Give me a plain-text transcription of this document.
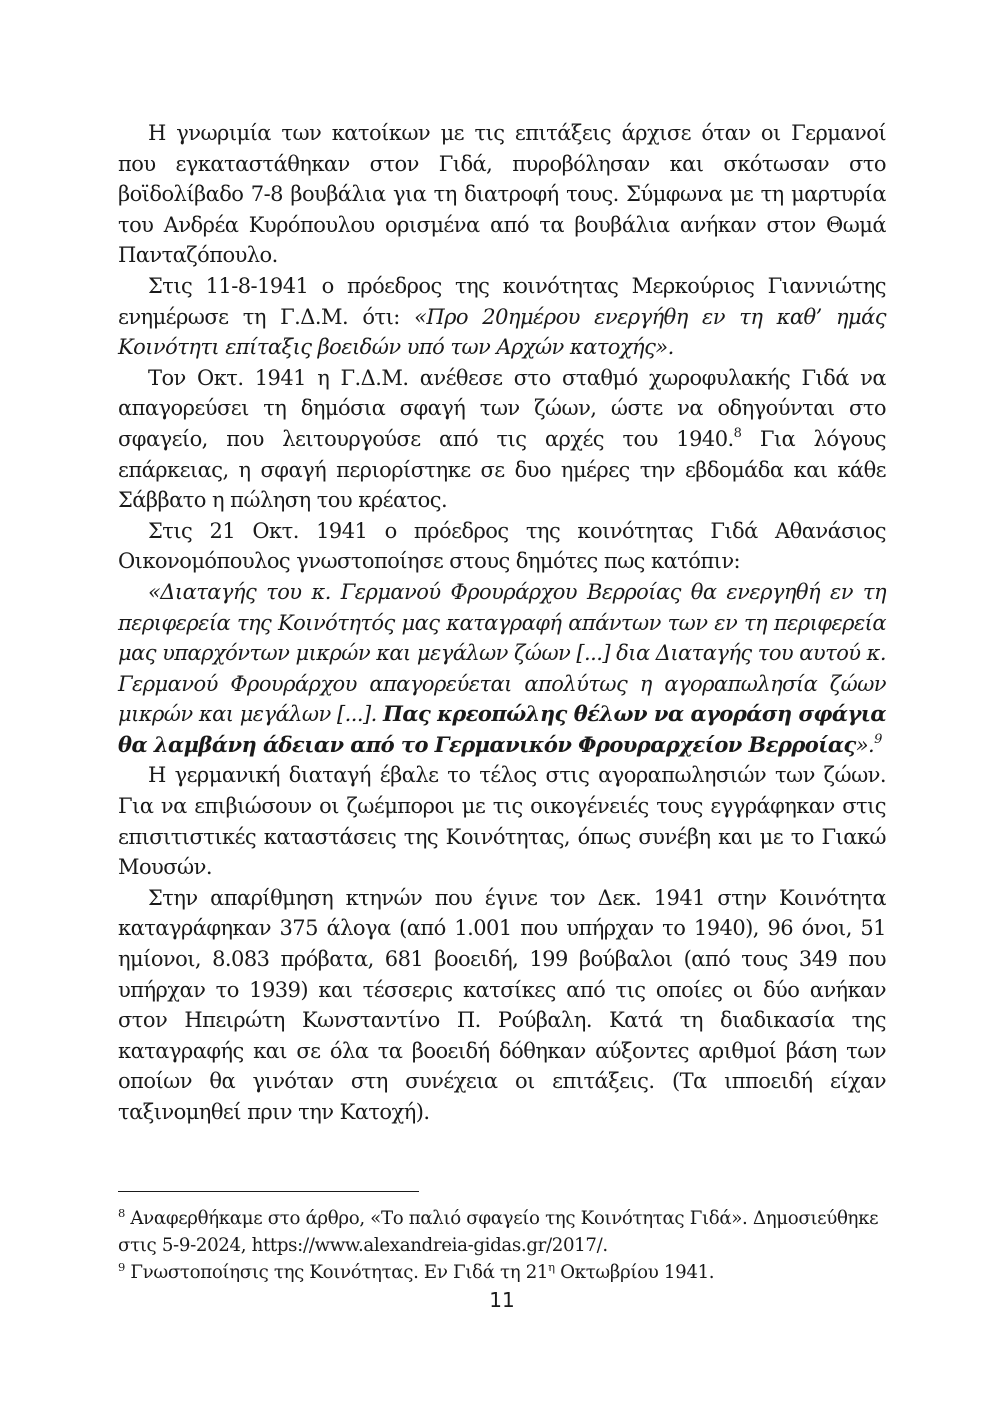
Η γνωριμία των κατοίκων με τις επιτάξεις άρχισε όταν οι Γερμανοί που εγκαταστάθηκαν στον Γιδά, πυροβόλησαν και σκότωσαν στο βοϊδολίβαδο 7-8 βουβάλια για τη διατροφή τους. Σύμφωνα με τη μαρτυρία του Ανδρέα Κυρόπουλου ορισμένα από τα βουβάλια ανήκαν στον Θωμά Πανταζόπουλο.

Στις 11-8-1941 ο πρόεδρος της κοινότητας Μερκούριος Γιαννιώτης ενημέρωσε τη Γ.Δ.Μ. ότι: «Προ 20ημέρου ενεργήθη εν τη καθ’ ημάς Κοινότητι επίταξις βοειδών υπό των Αρχών κατοχής».

Τον Οκτ. 1941 η Γ.Δ.Μ. ανέθεσε στο σταθμό χωροφυλακής Γιδά να απαγορεύσει τη δημόσια σφαγή των ζώων, ώστε να οδηγούνται στο σφαγείο, που λειτουργούσε από τις αρχές του 1940.$^8$ Για λόγους επάρκειας, η σφαγή περιορίστηκε σε δυο ημέρες την εβδομάδα και κάθε Σάββατο η πώληση του κρέατος.

Στις 21 Οκτ. 1941 ο πρόεδρος της κοινότητας Γιδά Αθανάσιος Οικονομόπουλος γνωστοποίησε στους δημότες πως κατόπιν:

«Διαταγής του κ. Γερμανού Φρουράρχου Βερροίας θα ενεργηθή εν τη περιφερεία της Κοινότητός μας καταγραφή απάντων των εν τη περιφερεία μας υπαρχόντων μικρών και μεγάλων ζώων [...] δια Διαταγής του αυτού κ. Γερμανού Φρουράρχου απαγορεύεται απολύτως η αγοραπωλησία ζώων μικρών και μεγάλων [...]. Πας κρεοπώλης θέλων να αγοράση σφάγια θα λαμβάνη άδειαν από το Γερμανικόν Φρουραρχείον Βερροίας».$^9$

Η γερμανική διαταγή έβαλε το τέλος στις αγοραπωλησιών των ζώων. Για να επιβιώσουν οι ζωέμποροι με τις οικογένειές τους εγγράφηκαν στις επισιτιστικές καταστάσεις της Κοινότητας, όπως συνέβη και με το Γιακώ Μουσών.

Στην απαρίθμηση κτηνών που έγινε τον Δεκ. 1941 στην Κοινότητα καταγράφηκαν 375 άλογα (από 1.001 που υπήρχαν το 1940), 96 όνοι, 51 ημίονοι, 8.083 πρόβατα, 681 βοοειδή, 199 βούβαλοι (από τους 349 που υπήρχαν το 1939) και τέσσερις κατσίκες από τις οποίες οι δύο ανήκαν στον Ηπειρώτη Κωνσταντίνο Π. Ρούβαλη. Κατά τη διαδικασία της καταγραφής και σε όλα τα βοοειδή δόθηκαν αύξοντες αριθμοί βάση των οποίων θα γινόταν στη συνέχεια οι επιτάξεις. (Τα ιπποειδή είχαν ταξινομηθεί πριν την Κατοχή).

$^8$ Αναφερθήκαμε στο άρθρο, «Το παλιό σφαγείο της Κοινότητας Γιδά». Δημοσιεύθηκε στις 5-9-2024, https://www.alexandreia-gidas.gr/2017/.

$^9$ Γνωστοποίησις της Κοινότητας. Εν Γιδά τη $21^\eta$ Οκτωβρίου 1941.

11
